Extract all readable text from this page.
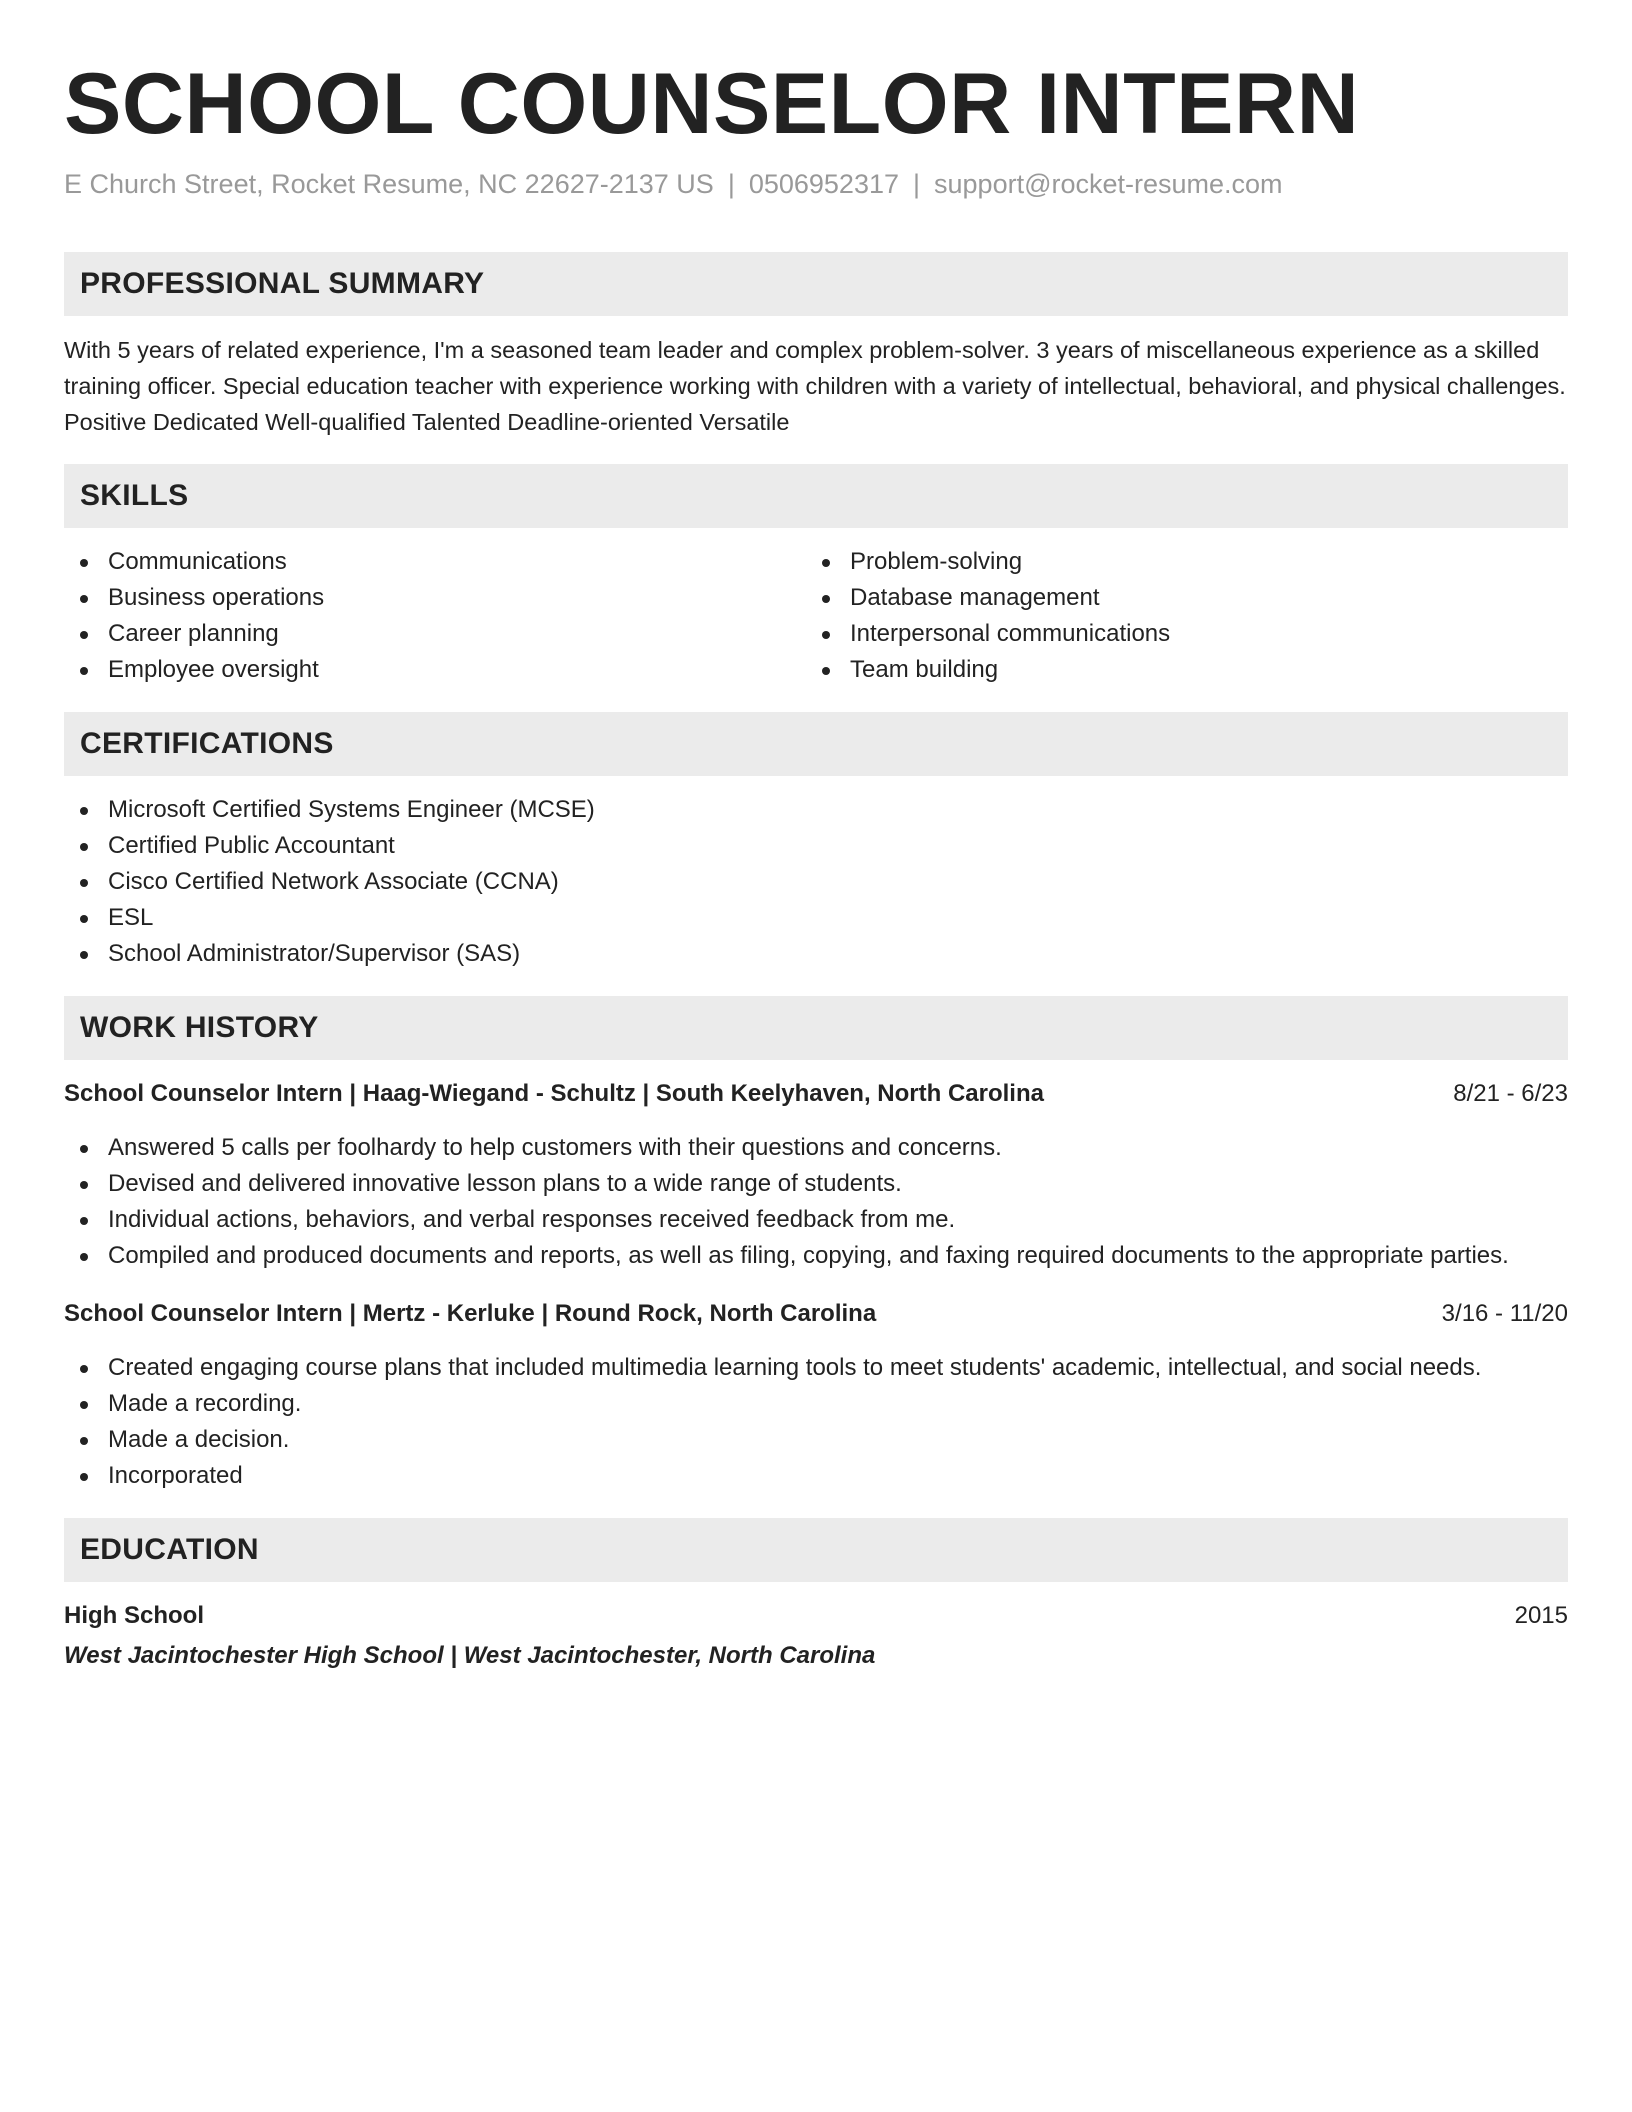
SCHOOL COUNSELOR INTERN
E Church Street, Rocket Resume, NC 22627-2137 US | 0506952317 | support@rocket-resume.com
PROFESSIONAL SUMMARY
With 5 years of related experience, I'm a seasoned team leader and complex problem-solver. 3 years of miscellaneous experience as a skilled training officer. Special education teacher with experience working with children with a variety of intellectual, behavioral, and physical challenges. Positive Dedicated Well-qualified Talented Deadline-oriented Versatile
SKILLS
Communications
Business operations
Career planning
Employee oversight
Problem-solving
Database management
Interpersonal communications
Team building
CERTIFICATIONS
Microsoft Certified Systems Engineer (MCSE)
Certified Public Accountant
Cisco Certified Network Associate (CCNA)
ESL
School Administrator/Supervisor (SAS)
WORK HISTORY
School Counselor Intern | Haag-Wiegand - Schultz | South Keelyhaven, North Carolina	8/21 - 6/23
Answered 5 calls per foolhardy to help customers with their questions and concerns.
Devised and delivered innovative lesson plans to a wide range of students.
Individual actions, behaviors, and verbal responses received feedback from me.
Compiled and produced documents and reports, as well as filing, copying, and faxing required documents to the appropriate parties.
School Counselor Intern | Mertz - Kerluke | Round Rock, North Carolina	3/16 - 11/20
Created engaging course plans that included multimedia learning tools to meet students' academic, intellectual, and social needs.
Made a recording.
Made a decision.
Incorporated
EDUCATION
High School	2015
West Jacintochester High School | West Jacintochester, North Carolina
